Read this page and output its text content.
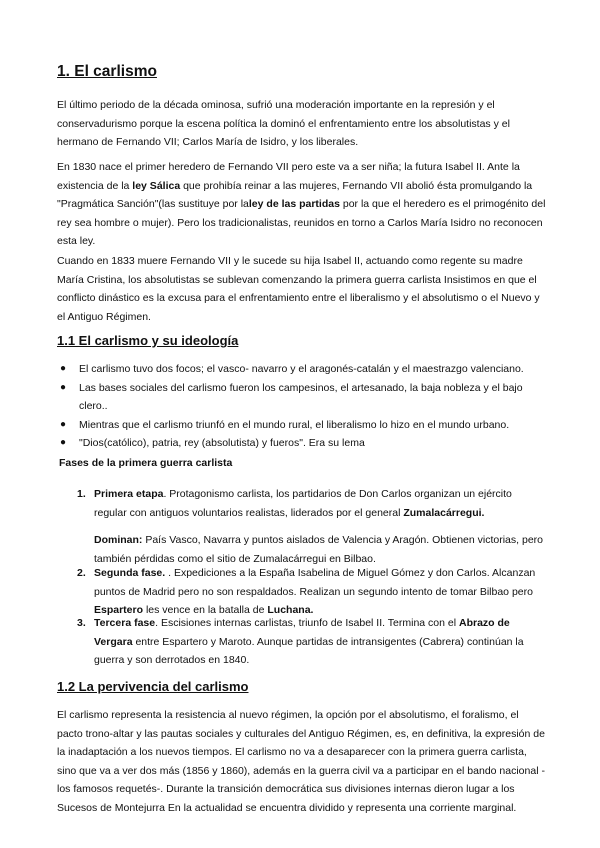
1. El carlismo

El último periodo de la década ominosa, sufrió una moderación importante en la represión y el conservadurismo porque la escena política la dominó el enfrentamiento entre los absolutistas y el hermano de Fernando VII; Carlos María de Isidro, y los liberales.

En 1830 nace el primer heredero de Fernando VII pero este va a ser niña; la futura Isabel II. Ante la existencia de la ley Sálica que prohibía reinar a las mujeres, Fernando VII abolió ésta promulgando la "Pragmática Sanción"(las sustituye por laley de las partidas por la que el heredero es el primogénito del rey sea hombre o mujer). Pero los tradicionalistas, reunidos en torno a Carlos María Isidro no reconocen esta ley.

Cuando en 1833 muere Fernando VII y le sucede su hija Isabel II, actuando como regente su madre María Cristina, los absolutistas se sublevan comenzando la primera guerra carlista Insistimos en que el conflicto dinástico es la excusa para el enfrentamiento entre el liberalismo y el absolutismo o el Nuevo y el Antiguo Régimen.

1.1 El carlismo y su ideología
● El carlismo tuvo dos focos; el vasco- navarro y el aragonés-catalán y el maestrazgo valenciano.
● Las bases sociales del carlismo fueron los campesinos, el artesanado, la baja nobleza y el bajo clero..
● Mientras que el carlismo triunfó en el mundo rural, el liberalismo lo hizo en el mundo urbano.
● "Dios(católico), patria, rey (absolutista) y fueros". Era su lema

Fases de la primera guerra carlista

1. Primera etapa. Protagonismo carlista, los partidarios de Don Carlos organizan un ejército regular con antiguos voluntarios realistas, liderados por el general Zumalacárregui.
Dominan: País Vasco, Navarra y puntos aislados de Valencia y Aragón. Obtienen victorias, pero también pérdidas como el sitio de Zumalacárregui en Bilbao.
2. Segunda fase. . Expediciones a la España Isabelina de Miguel Gómez y don Carlos. Alcanzan puntos de Madrid pero no son respaldados. Realizan un segundo intento de tomar Bilbao pero Espartero les vence en la batalla de Luchana.
3. Tercera fase. Escisiones internas carlistas, triunfo de Isabel II. Termina con el Abrazo de Vergara entre Espartero y Maroto. Aunque partidas de intransigentes (Cabrera) continúan la guerra y son derrotados en 1840.
1.2 La pervivencia del carlismo

El carlismo representa la resistencia al nuevo régimen, la opción por el absolutismo, el foralismo, el pacto trono-altar y las pautas sociales y culturales del Antiguo Régimen, es, en definitiva, la expresión de la inadaptación a los nuevos tiempos. El carlismo no va a desaparecer con la primera guerra carlista, sino que va a ver dos más (1856 y 1860), además en la guerra civil va a participar en el bando nacional - los famosos requetés-. Durante la transición democrática sus divisiones internas dieron lugar a los Sucesos de Montejurra En la actualidad se encuentra dividido y representa una corriente marginal.
